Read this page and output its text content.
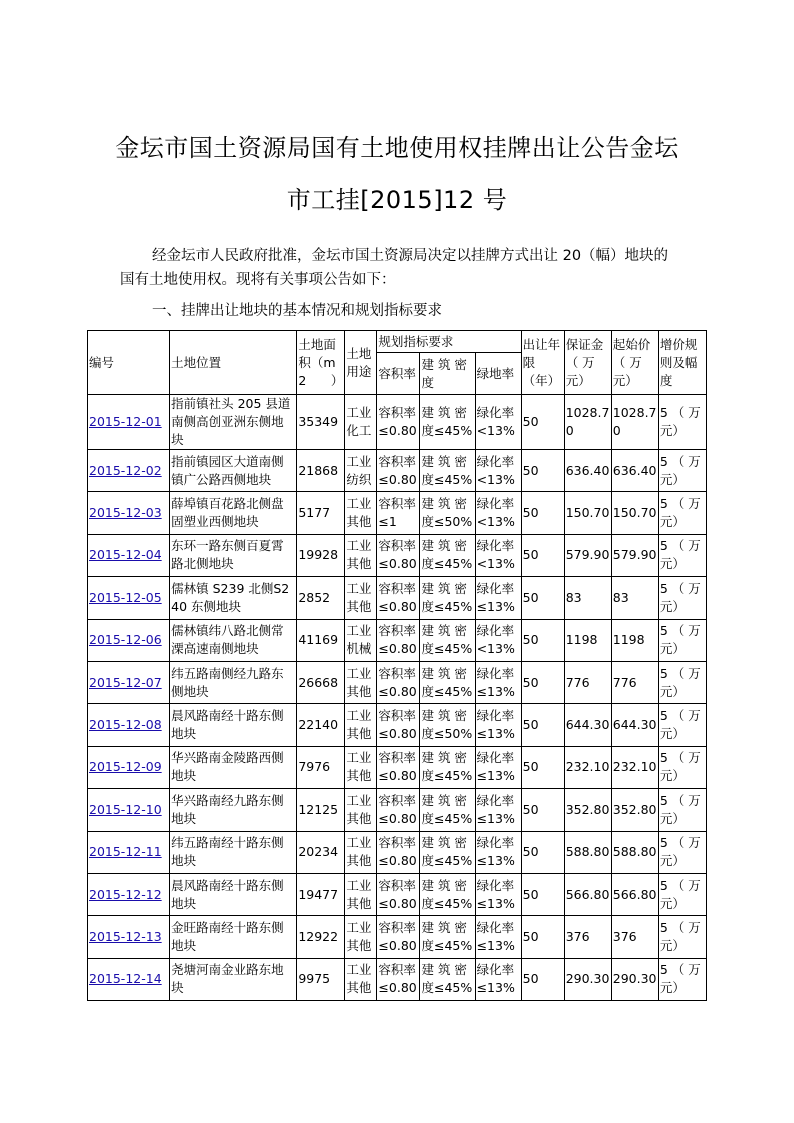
金坛市国土资源局国有土地使用权挂牌出让公告金坛
市工挂[2015]12 号
经金坛市人民政府批准，金坛市国土资源局决定以挂牌方式出让 20（幅）地块的国有土地使用权。现将有关事项公告如下：
一、挂牌出让地块的基本情况和规划指标要求
编号	土地位置	土地面积（m2）	土地用途	规划指标要求			出让年限（年）	保证金（ 万元）	起始价（ 万元）	增价规则及幅度
				容积率	建 筑 密度	绿地率				
2015-12-01	指前镇社头 205 县道南侧高创亚洲东侧地块	35349	工业化工	容积率≤0.80	建 筑 密度≤45%	绿化率<13%	50	1028.70	1028.70	5 （ 万元）
2015-12-02	指前镇园区大道南侧镇广公路西侧地块	21868	工业纺织	容积率≤0.80	建 筑 密度≤45%	绿化率<13%	50	636.40	636.40	5 （ 万元）
2015-12-03	薛埠镇百花路北侧盘固塑业西侧地块	5177	工业其他	容积率≤1	建 筑 密度≤50%	绿化率<13%	50	150.70	150.70	5 （ 万元）
2015-12-04	东环一路东侧百夏霄路北侧地块	19928	工业其他	容积率≤0.80	建 筑 密度≤45%	绿化率<13%	50	579.90	579.90	5 （ 万元）
2015-12-05	儒林镇 S239 北侧S240 东侧地块	2852	工业其他	容积率≤0.80	建 筑 密度≤45%	绿化率≤13%	50	83	83	5 （ 万元）
2015-12-06	儒林镇纬八路北侧常溧高速南侧地块	41169	工业机械	容积率≤0.80	建 筑 密度≤45%	绿化率<13%	50	1198	1198	5 （ 万元）
2015-12-07	纬五路南侧经九路东侧地块	26668	工业其他	容积率≤0.80	建 筑 密度≤45%	绿化率≤13%	50	776	776	5 （ 万元）
2015-12-08	晨风路南经十路东侧地块	22140	工业其他	容积率≤0.80	建 筑 密度≤50%	绿化率≤13%	50	644.30	644.30	5 （ 万元）
2015-12-09	华兴路南金陵路西侧地块	7976	工业其他	容积率≤0.80	建 筑 密度≤45%	绿化率≤13%	50	232.10	232.10	5 （ 万元）
2015-12-10	华兴路南经九路东侧地块	12125	工业其他	容积率≤0.80	建 筑 密度≤45%	绿化率≤13%	50	352.80	352.80	5 （ 万元）
2015-12-11	纬五路南经十路东侧地块	20234	工业其他	容积率≤0.80	建 筑 密度≤45%	绿化率≤13%	50	588.80	588.80	5 （ 万元）
2015-12-12	晨风路南经十路东侧地块	19477	工业其他	容积率≤0.80	建 筑 密度≤45%	绿化率≤13%	50	566.80	566.80	5 （ 万元）
2015-12-13	金旺路南经十路东侧地块	12922	工业其他	容积率≤0.80	建 筑 密度≤45%	绿化率≤13%	50	376	376	5 （ 万元）
2015-12-14	尧塘河南金业路东地块	9975	工业其他	容积率≤0.80	建 筑 密度≤45%	绿化率≤13%	50	290.30	290.30	5 （ 万元）
